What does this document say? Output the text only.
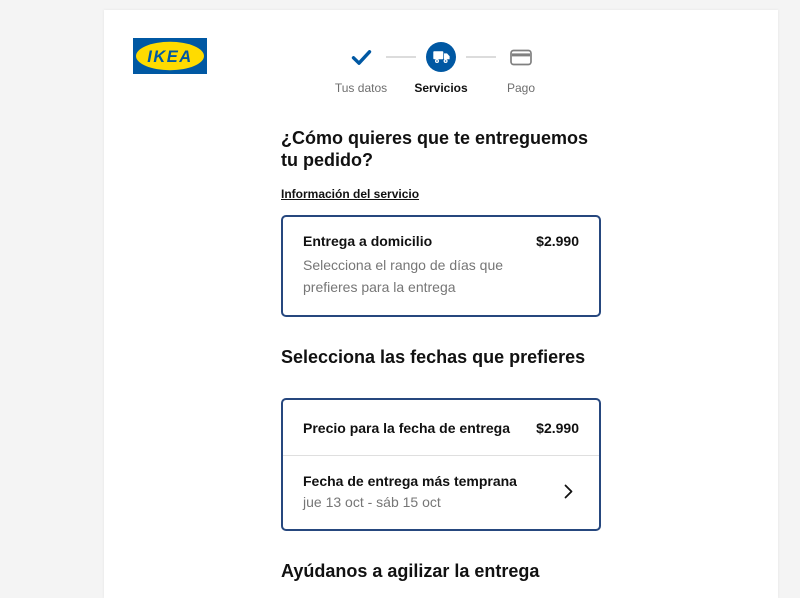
IKEA
Tus datos Servicios	Pago
¿Cómo quieres que te entreguemos tu pedido?
Información del servicio
Entrega a domicilio	$2.990
Selecciona el rango de días que prefieres para la entrega
Selecciona las fechas que prefieres
Precio para la fecha de entrega $2.990
Fecha de entrega más temprana
jue 13 oct - sáb 15 oct
Ayúdanos a agilizar la entrega
